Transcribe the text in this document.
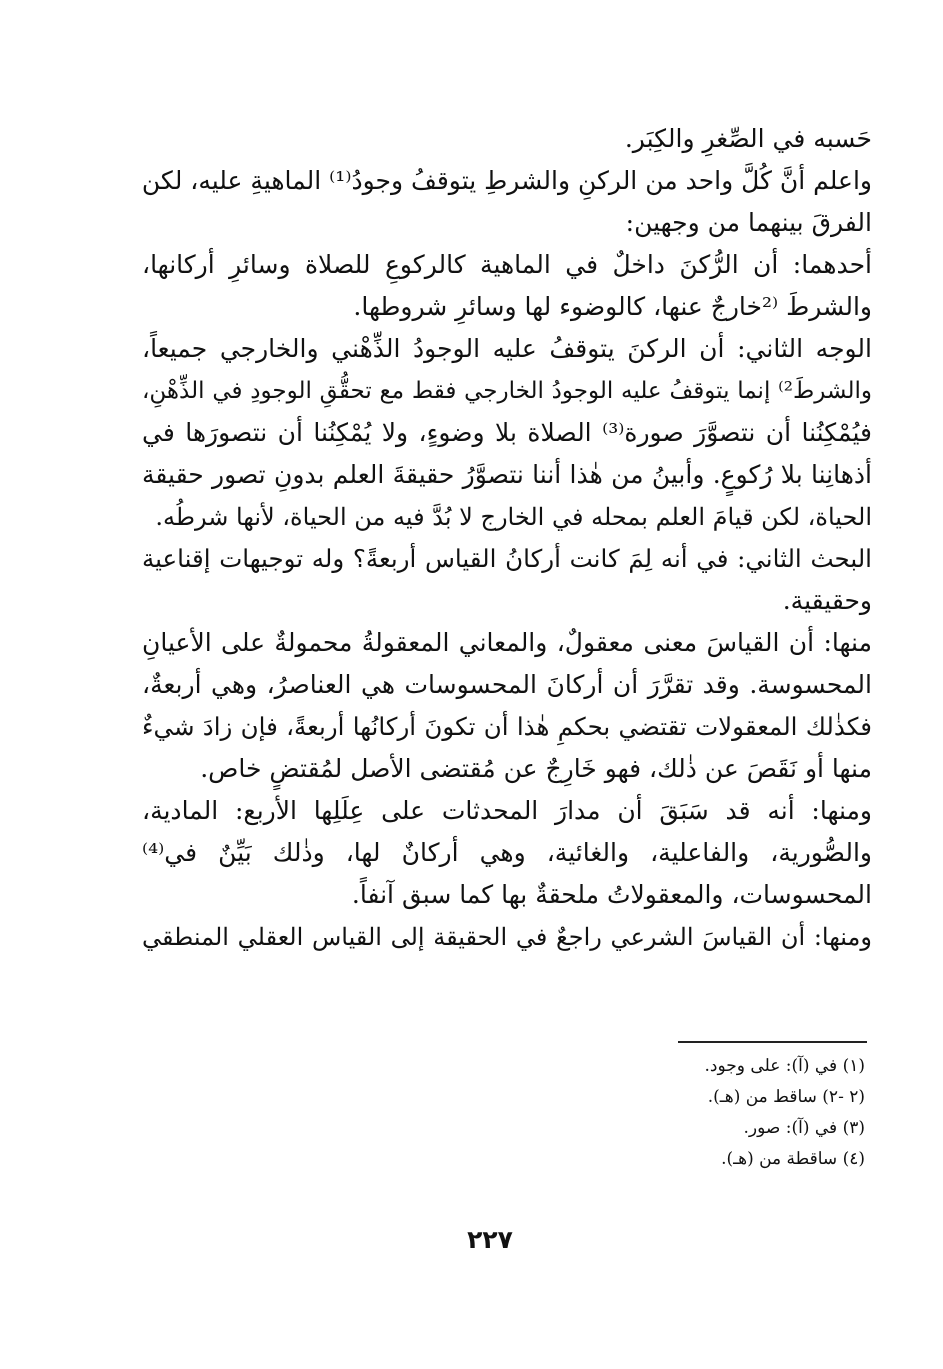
حَسبه في الصِّغرِ والكِبَر.
واعلم أنَّ كُلَّ واحد من الركنِ والشرطِ يتوقفُ وجودُ⁽¹⁾ الماهيةِ عليه، لكن
الفرقَ بينهما من وجهين:
أحدهما: أن الرُّكنَ داخلٌ في الماهية كالركوعِ للصلاة وسائرِ أركانها،
والشرطَ ⁽²خارجٌ عنها، كالوضوء لها وسائرِ شروطها.
الوجه الثاني: أن الركنَ يتوقفُ عليه الوجودُ الذِّهْني والخارجي جميعاً،
والشرطَ²⁾ إنما يتوقفُ عليه الوجودُ الخارجي فقط مع تحقُّقِ الوجودِ في الذِّهْنِ،
فيُمْكِنُنا أن نتصوَّرَ صورة⁽³⁾ الصلاة بلا وضوءٍ، ولا يُمْكِنُنا أن نتصورَها في
أذهانِنا بلا رُكوعٍ. وأبينُ من هٰذا أننا نتصوَّرُ حقيقةَ العلم بدونِ تصور حقيقة
الحياة، لكن قيامَ العلم بمحله في الخارج لا بُدَّ فيه من الحياة، لأنها شرطُه.
البحث الثاني: في أنه لِمَ كانت أركانُ القياس أربعةً؟ وله توجيهات إقناعية
وحقيقية.
منها: أن القياسَ معنى معقولٌ، والمعاني المعقولةُ محمولةٌ على الأعيانِ
المحسوسة. وقد تقرَّرَ أن أركانَ المحسوسات هي العناصرُ، وهي أربعةٌ،
فكذٰلك المعقولات تقتضي بحكمِ هٰذا أن تكونَ أركانُها أربعةً، فإن زادَ شيءٌ
منها أو نَقَصَ عن ذٰلك، فهو خَارِجٌ عن مُقتضى الأصل لمُقتضٍ خاص.
ومنها: أنه قد سَبَقَ أن مدارَ المحدثات على عِلَلِها الأربع: المادية،
والصُّورية، والفاعلية، والغائية، وهي أركانٌ لها، وذٰلك بَيِّنٌ في⁽⁴⁾
المحسوسات، والمعقولاتُ ملحقةٌ بها كما سبق آنفاً.
ومنها: أن القياسَ الشرعي راجعٌ في الحقيقة إلى القياس العقلي المنطقي
(١) في (آ): على وجود.
(٢ -٢) ساقط من (هـ).
(٣) في (آ): صور.
(٤) ساقطة من (هـ).
٢٢٧
